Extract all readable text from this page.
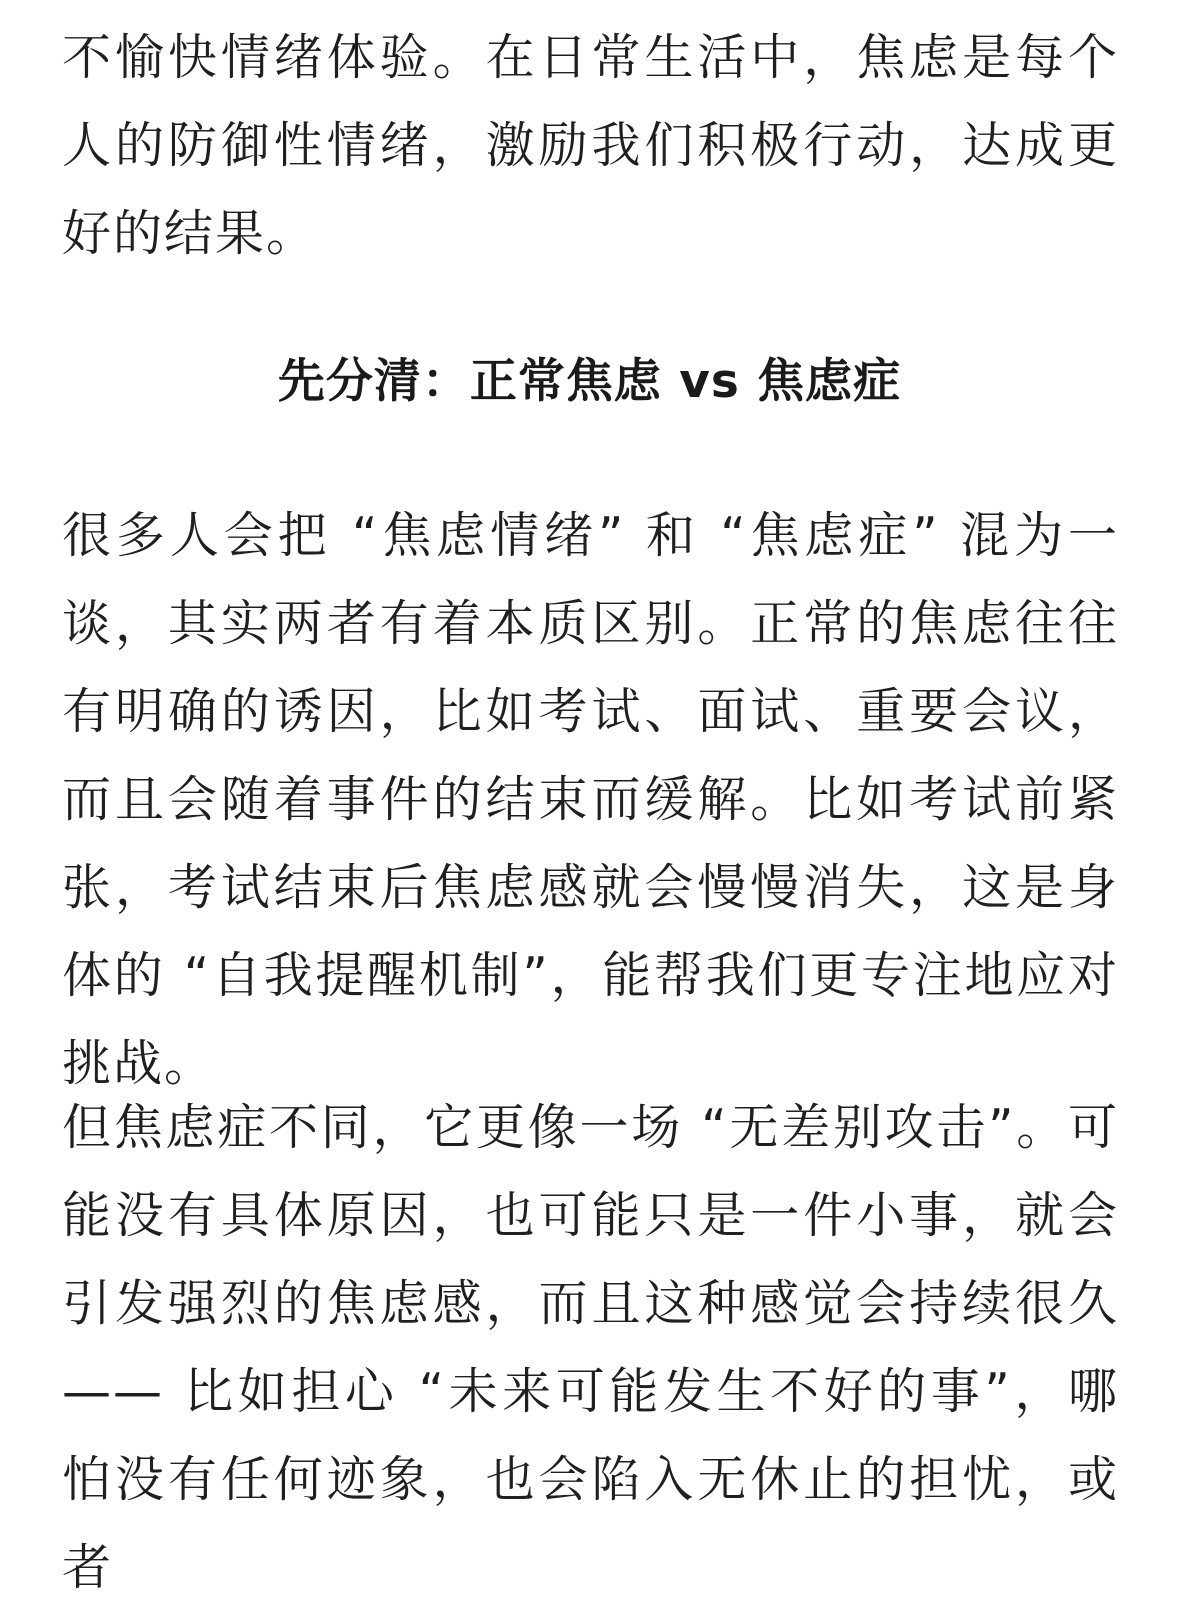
不愉快情绪体验。在日常生活中，焦虑是每个人的防御性情绪，激励我们积极行动，达成更好的结果。

先分清：正常焦虑 vs 焦虑症

很多人会把 “焦虑情绪” 和 “焦虑症” 混为一谈，其实两者有着本质区别。正常的焦虑往往有明确的诱因，比如考试、面试、重要会议，而且会随着事件的结束而缓解。比如考试前紧张，考试结束后焦虑感就会慢慢消失，这是身体的 “自我提醒机制”，能帮我们更专注地应对挑战。

但焦虑症不同，它更像一场 “无差别攻击”。可能没有具体原因，也可能只是一件小事，就会引发强烈的焦虑感，而且这种感觉会持续很久 —— 比如担心 “未来可能发生不好的事”，哪怕没有任何迹象，也会陷入无休止的担忧，或者
